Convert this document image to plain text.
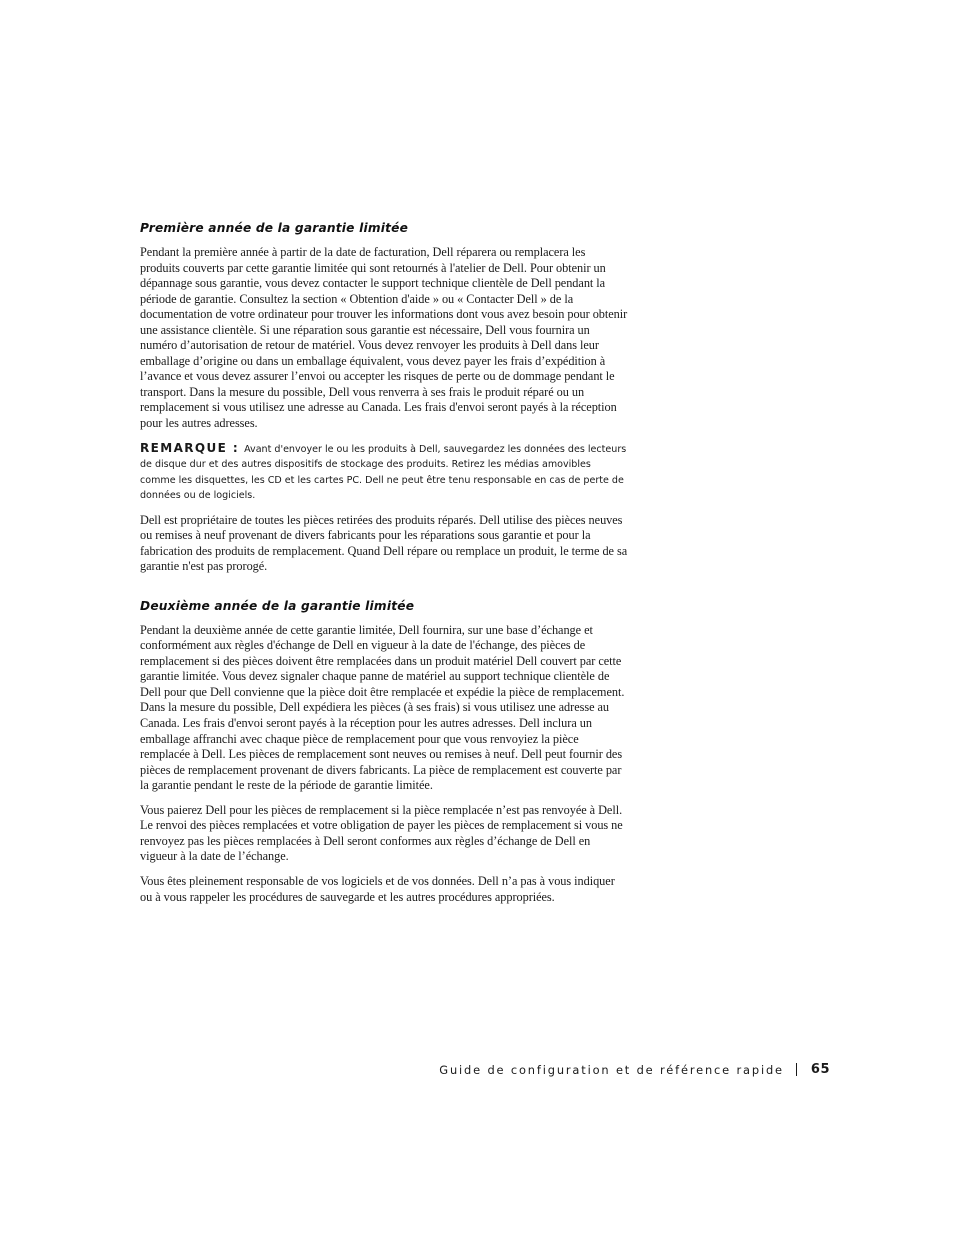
Première année de la garantie limitée

Pendant la première année à partir de la date de facturation, Dell réparera ou remplacera les produits couverts par cette garantie limitée qui sont retournés à l'atelier de Dell. Pour obtenir un dépannage sous garantie, vous devez contacter le support technique clientèle de Dell pendant la période de garantie. Consultez la section « Obtention d'aide » ou « Contacter Dell » de la documentation de votre ordinateur pour trouver les informations dont vous avez besoin pour obtenir une assistance clientèle. Si une réparation sous garantie est nécessaire, Dell vous fournira un numéro d’autorisation de retour de matériel. Vous devez renvoyer les produits à Dell dans leur emballage d’origine ou dans un emballage équivalent, vous devez payer les frais d’expédition à l’avance et vous devez assurer l’envoi ou accepter les risques de perte ou de dommage pendant le transport. Dans la mesure du possible, Dell vous renverra à ses frais le produit réparé ou un remplacement si vous utilisez une adresse au Canada. Les frais d'envoi seront payés à la réception pour les autres adresses.

REMARQUE : Avant d'envoyer le ou les produits à Dell, sauvegardez les données des lecteurs de disque dur et des autres dispositifs de stockage des produits. Retirez les médias amovibles comme les disquettes, les CD et les cartes PC. Dell ne peut être tenu responsable en cas de perte de données ou de logiciels.

Dell est propriétaire de toutes les pièces retirées des produits réparés. Dell utilise des pièces neuves ou remises à neuf provenant de divers fabricants pour les réparations sous garantie et pour la fabrication des produits de remplacement. Quand Dell répare ou remplace un produit, le terme de sa garantie n'est pas prorogé.

Deuxième année de la garantie limitée

Pendant la deuxième année de cette garantie limitée, Dell fournira, sur une base d’échange et conformément aux règles d'échange de Dell en vigueur à la date de l'échange, des pièces de remplacement si des pièces doivent être remplacées dans un produit matériel Dell couvert par cette garantie limitée. Vous devez signaler chaque panne de matériel au support technique clientèle de Dell pour que Dell convienne que la pièce doit être remplacée et expédie la pièce de remplacement. Dans la mesure du possible, Dell expédiera les pièces (à ses frais) si vous utilisez une adresse au Canada. Les frais d'envoi seront payés à la réception pour les autres adresses. Dell inclura un emballage affranchi avec chaque pièce de remplacement pour que vous renvoyiez la pièce remplacée à Dell. Les pièces de remplacement sont neuves ou remises à neuf. Dell peut fournir des pièces de remplacement provenant de divers fabricants. La pièce de remplacement est couverte par la garantie pendant le reste de la période de garantie limitée.

Vous paierez Dell pour les pièces de remplacement si la pièce remplacée n’est pas renvoyée à Dell. Le renvoi des pièces remplacées et votre obligation de payer les pièces de remplacement si vous ne renvoyez pas les pièces remplacées à Dell seront conformes aux règles d’échange de Dell en vigueur à la date de l’échange.

Vous êtes pleinement responsable de vos logiciels et de vos données. Dell n’a pas à vous indiquer ou à vous rappeler les procédures de sauvegarde et les autres procédures appropriées.

Guide de configuration et de référence rapide 65
